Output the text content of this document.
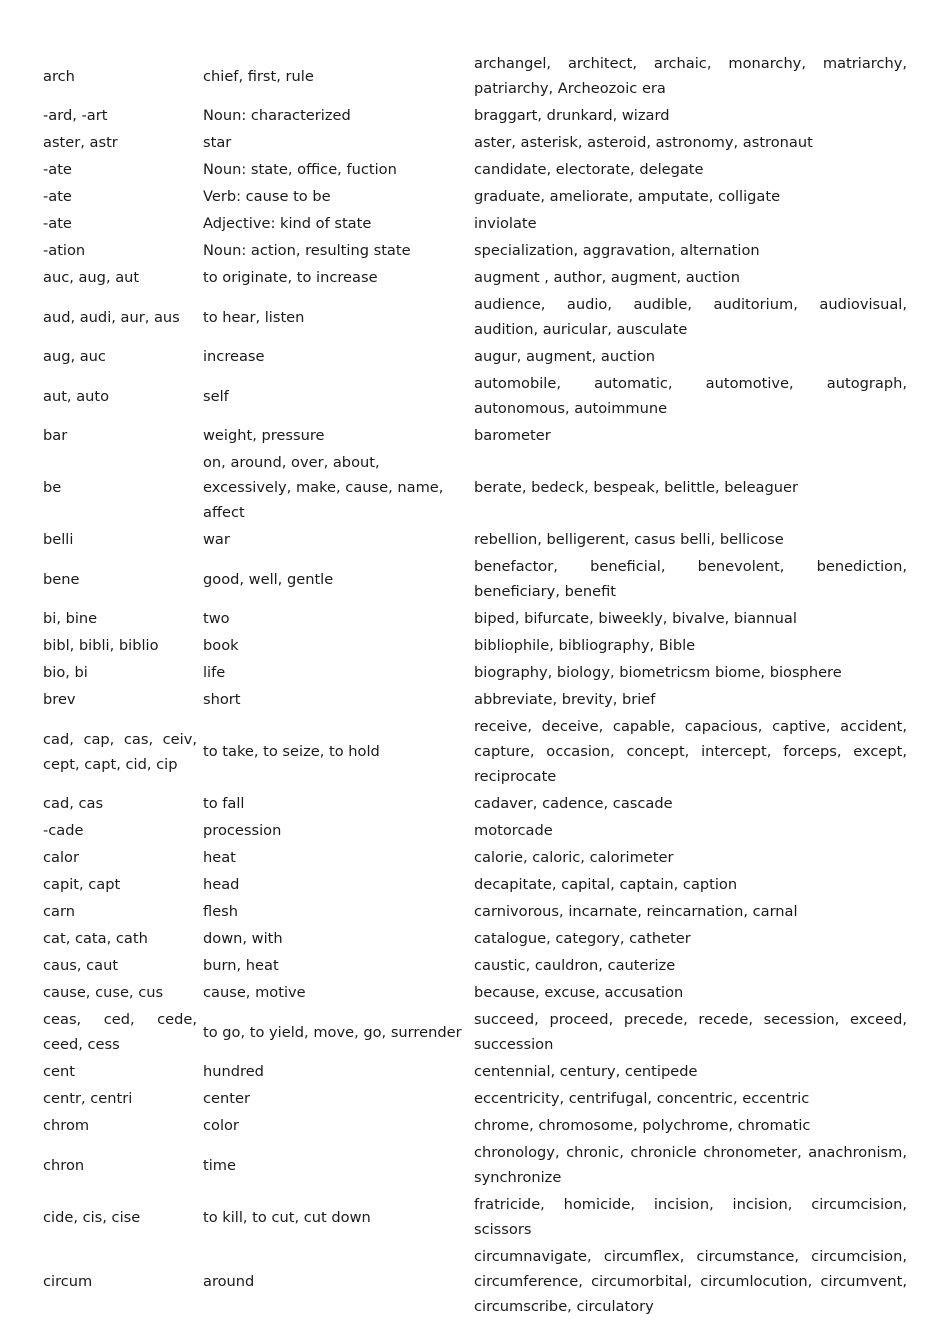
arch	chief, first, rule	archangel, architect, archaic, monarchy, matriarchy, patriarchy, Archeozoic era
-ard, -art	Noun: characterized	braggart, drunkard, wizard
aster, astr	star	aster, asterisk, asteroid, astronomy, astronaut
-ate	Noun: state, office, fuction	candidate, electorate, delegate
-ate	Verb: cause to be	graduate, ameliorate, amputate, colligate
-ate	Adjective: kind of state	inviolate
-ation	Noun: action, resulting state	specialization, aggravation, alternation
auc, aug, aut	to originate, to increase	augment , author, augment, auction
aud, audi, aur, aus	to hear, listen	audience, audio, audible, auditorium, audiovisual, audition, auricular, ausculate
aug, auc	increase	augur, augment, auction
aut, auto	self	automobile, automatic, automotive, autograph, autonomous, autoimmune
bar	weight, pressure	barometer
be	on, around, over, about, excessively, make, cause, name, affect	berate, bedeck, bespeak, belittle, beleaguer
belli	war	rebellion, belligerent, casus belli, bellicose
bene	good, well, gentle	benefactor, beneficial, benevolent, benediction, beneficiary, benefit
bi, bine	two	biped, bifurcate, biweekly, bivalve, biannual
bibl, bibli, biblio	book	bibliophile, bibliography, Bible
bio, bi	life	biography, biology, biometricsm biome, biosphere
brev	short	abbreviate, brevity, brief
cad, cap, cas, ceiv, cept, capt, cid, cip	to take, to seize, to hold	receive, deceive, capable, capacious, captive, accident, capture, occasion, concept, intercept, forceps, except, reciprocate
cad, cas	to fall	cadaver, cadence, cascade
-cade	procession	motorcade
calor	heat	calorie, caloric, calorimeter
capit, capt	head	decapitate, capital, captain, caption
carn	flesh	carnivorous, incarnate, reincarnation, carnal
cat, cata, cath	down, with	catalogue, category, catheter
caus, caut	burn, heat	caustic, cauldron, cauterize
cause, cuse, cus	cause, motive	because, excuse, accusation
ceas, ced, cede, ceed, cess	to go, to yield, move, go, surrender	succeed, proceed, precede, recede, secession, exceed, succession
cent	hundred	centennial, century, centipede
centr, centri	center	eccentricity, centrifugal, concentric, eccentric
chrom	color	chrome, chromosome, polychrome, chromatic
chron	time	chronology, chronic, chronicle chronometer, anachronism, synchronize
cide, cis, cise	to kill, to cut, cut down	fratricide, homicide, incision, incision, circumcision, scissors
circum	around	circumnavigate, circumflex, circumstance, circumcision, circumference, circumorbital, circumlocution, circumvent, circumscribe, circulatory
